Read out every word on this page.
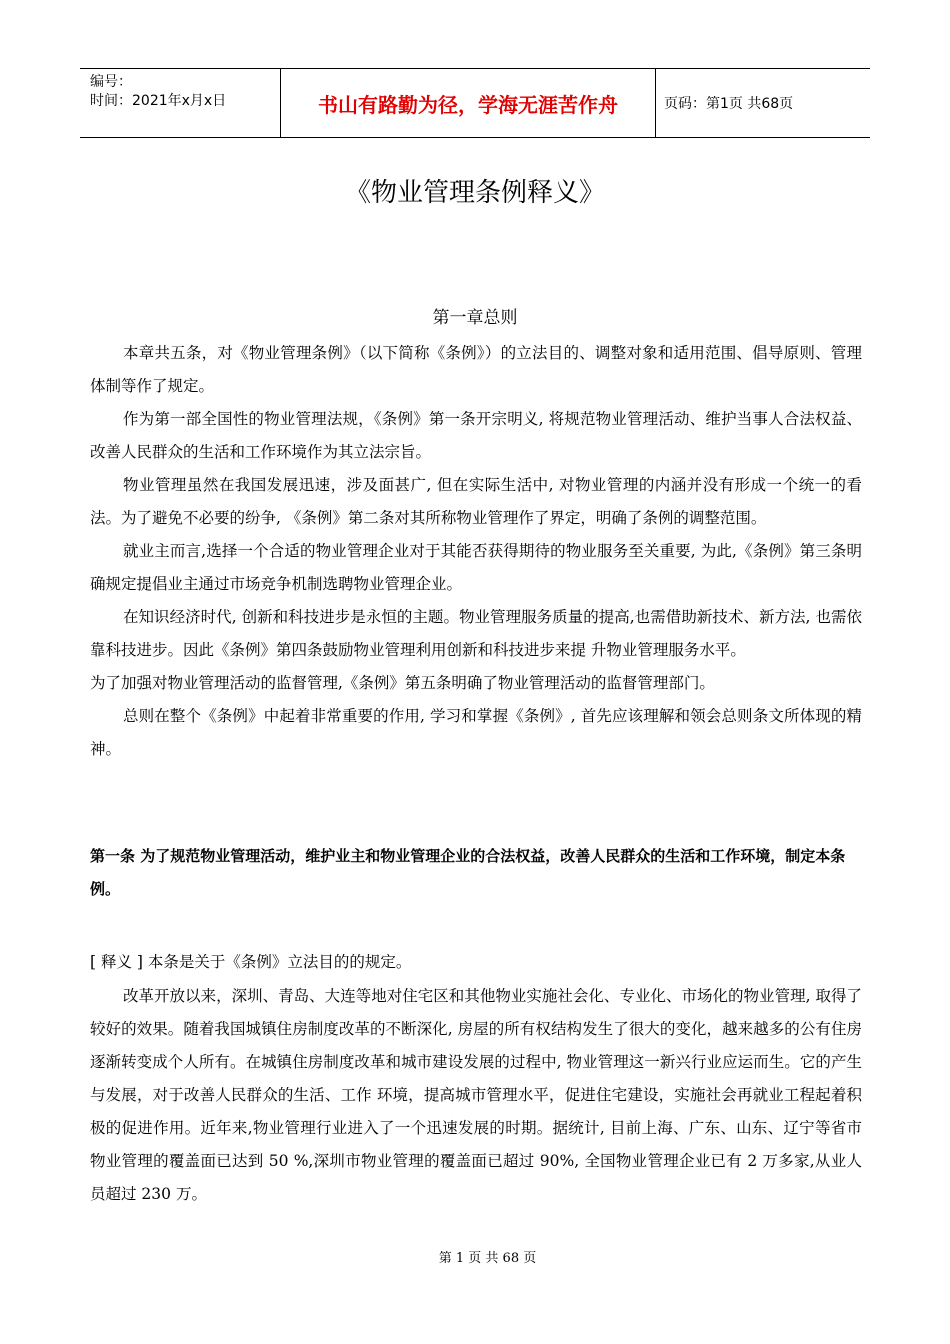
编号：
时间：2021年x月x日	书山有路勤为径，学海无涯苦作舟	页码：第1页 共68页
《物业管理条例释义》
第一章总则

本章共五条，对《物业管理条例》（以下简称《条例》）的立法目的、调整对象和适用范围、倡导原则、管理体制等作了规定。

作为第一部全国性的物业管理法规，《条例》第一条开宗明义, 将规范物业管理活动、维护当事人合法权益、改善人民群众的生活和工作环境作为其立法宗旨。

物业管理虽然在我国发展迅速，涉及面甚广, 但在实际生活中, 对物业管理的内涵并没有形成一个统一的看法。为了避免不必要的纷争, 《条例》第二条对其所称物业管理作了界定，明确了条例的调整范围。

就业主而言,选择一个合适的物业管理企业对于其能否获得期待的物业服务至关重要, 为此,《条例》第三条明确规定提倡业主通过市场竞争机制选聘物业管理企业。

在知识经济时代, 创新和科技进步是永恒的主题。物业管理服务质量的提高,也需借助新技术、新方法, 也需依靠科技进步。因此《条例》第四条鼓励物业管理利用创新和科技进步来提 升物业管理服务水平。

为了加强对物业管理活动的监督管理,《条例》第五条明确了物业管理活动的监督管理部门。

总则在整个《条例》中起着非常重要的作用, 学习和掌握《条例》, 首先应该理解和领会总则条文所体现的精神。

第一条 为了规范物业管理活动，维护业主和物业管理企业的合法权益，改善人民群众的生活和工作环境，制定本条例。
[ 释义 ] 本条是关于《条例》立法目的的规定。

改革开放以来，深圳、青岛、大连等地对住宅区和其他物业实施社会化、专业化、市场化的物业管理, 取得了较好的效果。随着我国城镇住房制度改革的不断深化, 房屋的所有权结构发生了很大的变化，越来越多的公有住房逐渐转变成个人所有。在城镇住房制度改革和城市建设发展的过程中, 物业管理这一新兴行业应运而生。它的产生与发展，对于改善人民群众的生活、工作 环境，提高城市管理水平，促进住宅建设，实施社会再就业工程起着积极的促进作用。近年来,物业管理行业进入了一个迅速发展的时期。据统计, 目前上海、广东、山东、辽宁等省市物业管理的覆盖面已达到 50 %,深圳市物业管理的覆盖面已超过 90%, 全国物业管理企业已有 2 万多家,从业人员超过 230 万。

第 1 页 共 68 页
